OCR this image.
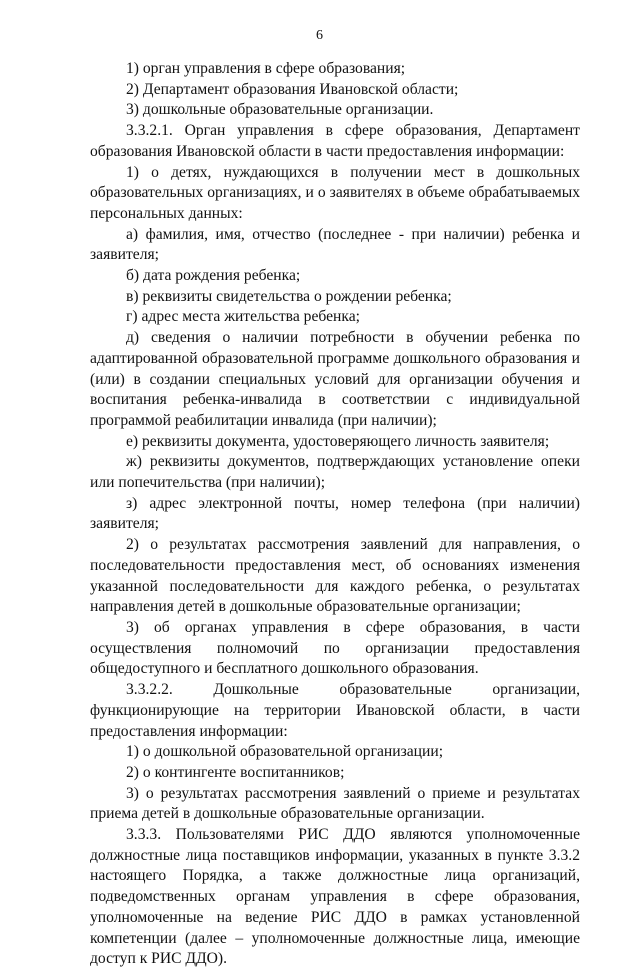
6

1) орган управления в сфере образования;

2) Департамент образования Ивановской области;

3) дошкольные образовательные организации.

3.3.2.1. Орган управления в сфере образования, Департамент образования Ивановской области в части предоставления информации:

1) о детях, нуждающихся в получении мест в дошкольных образовательных организациях, и о заявителях в объеме обрабатываемых персональных данных:

а) фамилия, имя, отчество (последнее - при наличии) ребенка и заявителя;

б) дата рождения ребенка;

в) реквизиты свидетельства о рождении ребенка;

г) адрес места жительства ребенка;

д) сведения о наличии потребности в обучении ребенка по адаптированной образовательной программе дошкольного образования и (или) в создании специальных условий для организации обучения и воспитания ребенка-инвалида в соответствии с индивидуальной программой реабилитации инвалида (при наличии);

е) реквизиты документа, удостоверяющего личность заявителя;

ж) реквизиты документов, подтверждающих установление опеки или попечительства (при наличии);

з) адрес электронной почты, номер телефона (при наличии) заявителя;

2) о результатах рассмотрения заявлений для направления, о последовательности предоставления мест, об основаниях изменения указанной последовательности для каждого ребенка, о результатах направления детей в дошкольные образовательные организации;

3) об органах управления в сфере образования, в части осуществления полномочий по организации предоставления общедоступного и бесплатного дошкольного образования.

3.3.2.2. Дошкольные образовательные организации, функционирующие на территории Ивановской области, в части предоставления информации:

1) о дошкольной образовательной организации;

2) о контингенте воспитанников;

3) о результатах рассмотрения заявлений о приеме и результатах приема детей в дошкольные образовательные организации.

3.3.3. Пользователями РИС ДДО являются уполномоченные должностные лица поставщиков информации, указанных в пункте 3.3.2 настоящего Порядка, а также должностные лица организаций, подведомственных органам управления в сфере образования, уполномоченные на ведение РИС ДДО в рамках установленной компетенции (далее – уполномоченные должностные лица, имеющие доступ к РИС ДДО).
